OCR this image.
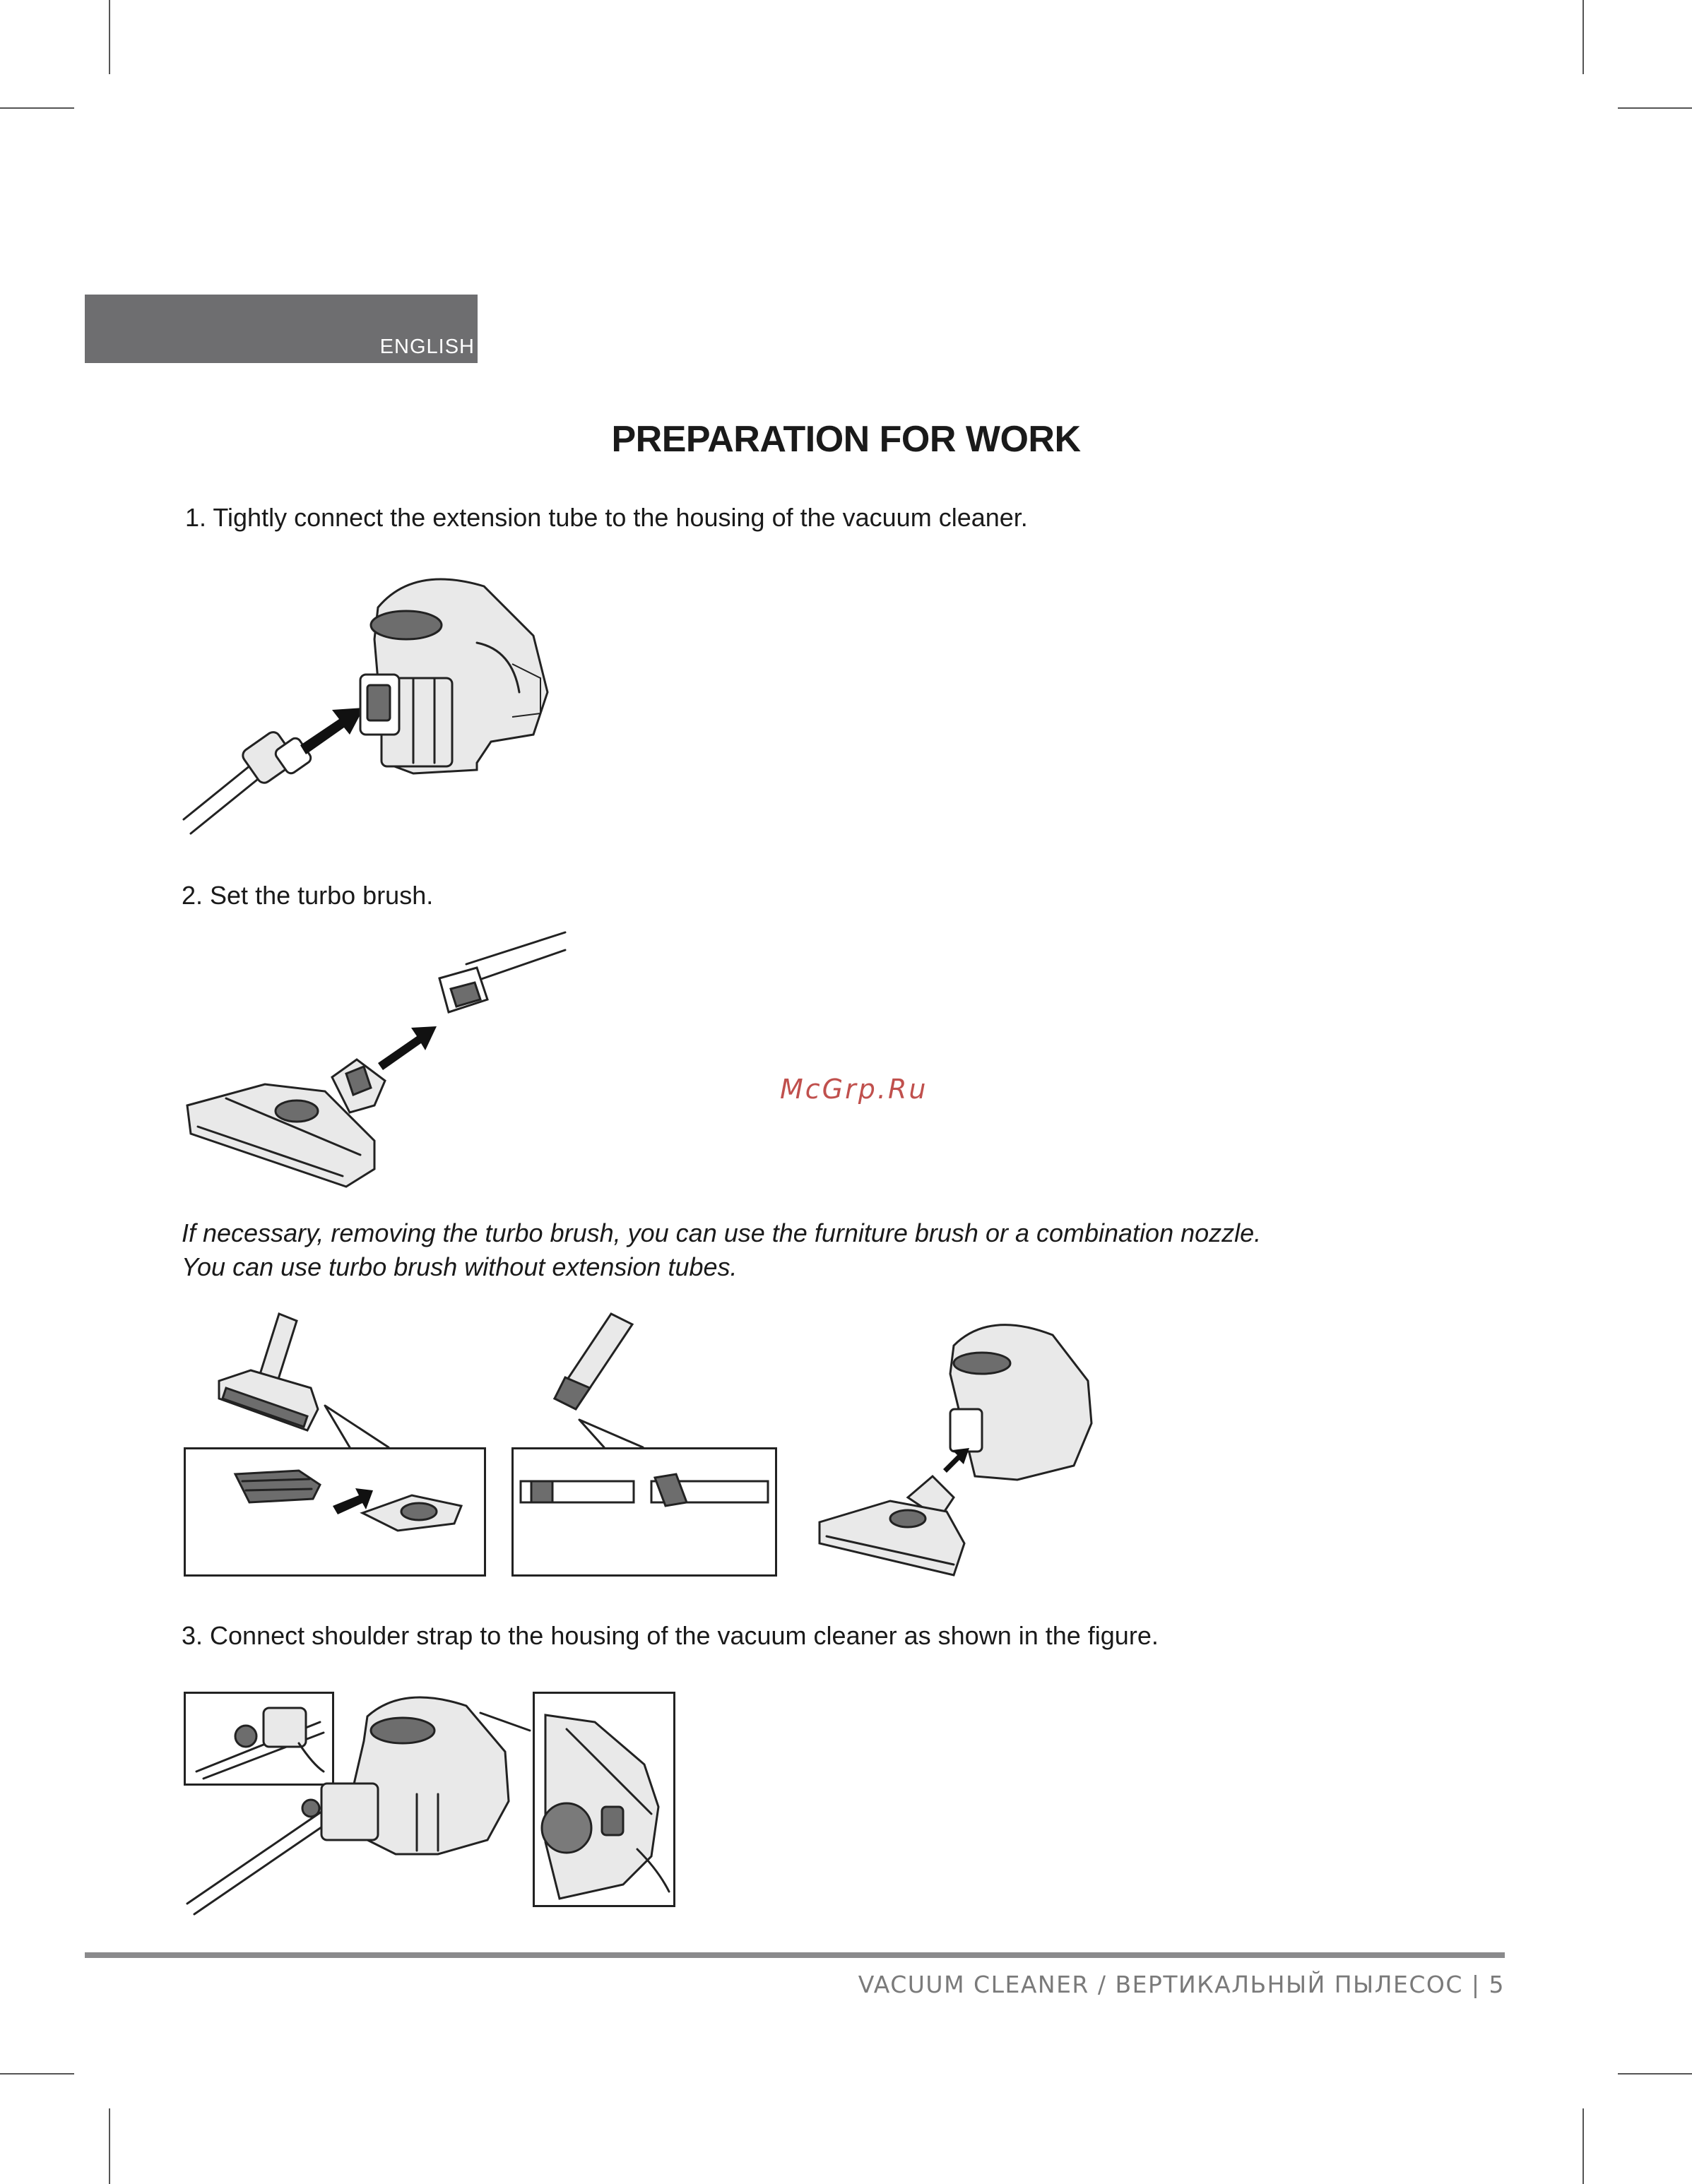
ENGLISH
PREPARATION FOR WORK
1. Tightly connect the extension tube to the housing of the vacuum cleaner.
2. Set the turbo brush.
McGrp.Ru
If necessary, removing the turbo brush, you can use the furniture brush or a combination nozzle.
You can use turbo brush without extension tubes.
3. Connect shoulder strap to the housing of the vacuum cleaner as shown in the figure.
VACUUM CLEANER / ВЕРТИКАЛЬНЫЙ ПЫЛЕСОС | 5
